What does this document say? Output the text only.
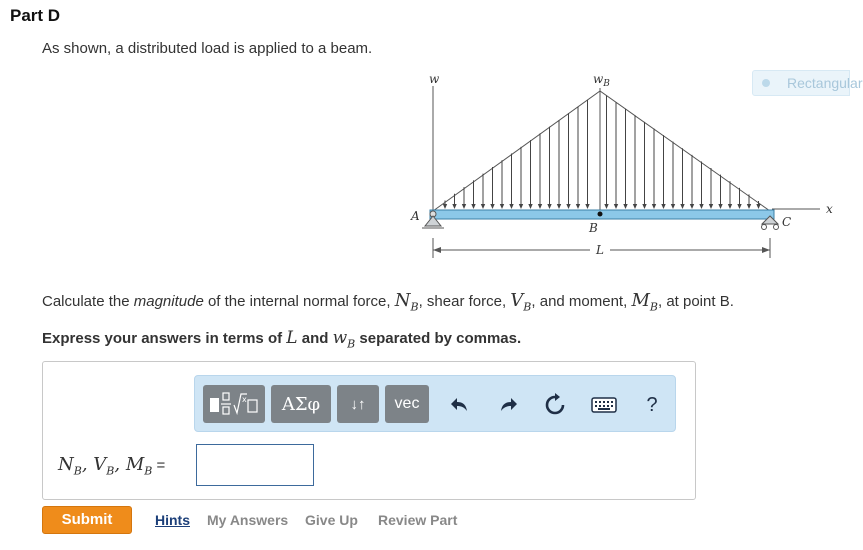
Part D
As shown, a distributed load is applied to a beam.
w	$w_B$
A
B	C
L
x
Rectangular
Calculate the magnitude of the internal normal force, $N_B$, shear force, $V_B$, and moment, $M_B$, at point B.
Express your answers in terms of L and $w_B$ separated by commas.
x ΑΣφ ↓↑ vec	?
$N_B$, $V_B$, $M_B$ =
Submit	Hints My Answers Give Up Review Part
